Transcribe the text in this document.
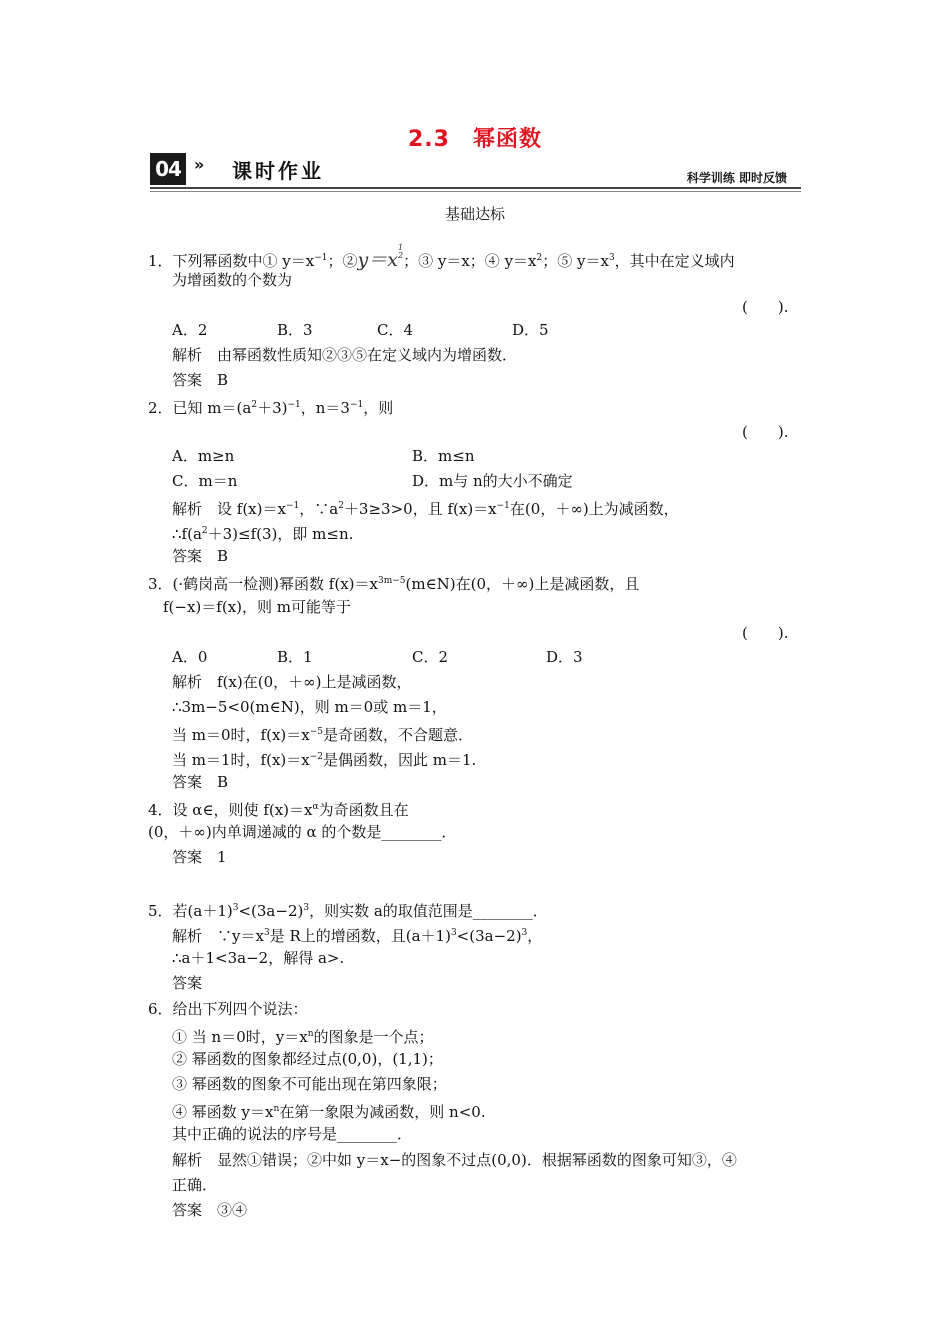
2.3　幂函数
04 » 课时作业	科学训练 即时反馈
基础达标
1．下列幂函数中① $y=x^{-1}$；②y＝x1
2；③ y＝x；④ $y=x^2$；⑤ $y=x^3$，其中在定义域内
为增函数的个数为
(　　).
A．2	B．3	C．4	D．5
解析　由幂函数性质知②③⑤在定义域内为增函数．
答案　B
2．已知 $m=(a^2+3)^{-1}$，$n=3^{-1}$，则
(　　).
A．m≥n	B．m≤n
C．m＝n	D．m与 n的大小不确定
解析　设 $f(x)=x^{-1}$，$\because a^2+3\ge 3>0$，且 $f(x)=x^{-1}$在(0，＋∞)上为减函数，
$\therefore f(a^2+3)\le f(3)$，即 m≤n.
答案　B
3．(·鹤岗高一检测)幂函数 $f(x)=x^{3m-5}(m\in N)$在(0，＋∞)上是减函数，且
f(−x)＝f(x)，则 m可能等于
(　　).
A．0	B．1	C．2	D．3
解析　f(x)在(0，＋∞)上是减函数，
∴3m−5<0(m∈N)，则 m＝0或 m＝1，
当 m＝0时，$f(x)=x^{-5}$是奇函数，不合题意．
当 m＝1时，$f(x)=x^{-2}$是偶函数，因此 m＝1.
答案　B
4．设 α∈，则使 $f(x)=x^\alpha$为奇函数且在
(0，＋∞)内单调递减的 α 的个数是________．
答案　1
5．若$(a+1)^3<(3a-2)^3$，则实数 a的取值范围是________．
解析　$\because y=x^3$是 R上的增函数，且$(a+1)^3<(3a-2)^3$，
∴a＋1<3a−2，解得 a>.
答案
6．给出下列四个说法：
① 当 n＝0时，$y=x^n$的图象是一个点；
② 幂函数的图象都经过点(0,0)，(1,1)；
③ 幂函数的图象不可能出现在第四象限；
④ 幂函数 $y=x^n$在第一象限为减函数，则 n<0.
其中正确的说法的序号是________．
解析　显然①错误；②中如 y＝x−的图象不过点(0,0)．根据幂函数的图象可知③，④
正确．
答案　③④
